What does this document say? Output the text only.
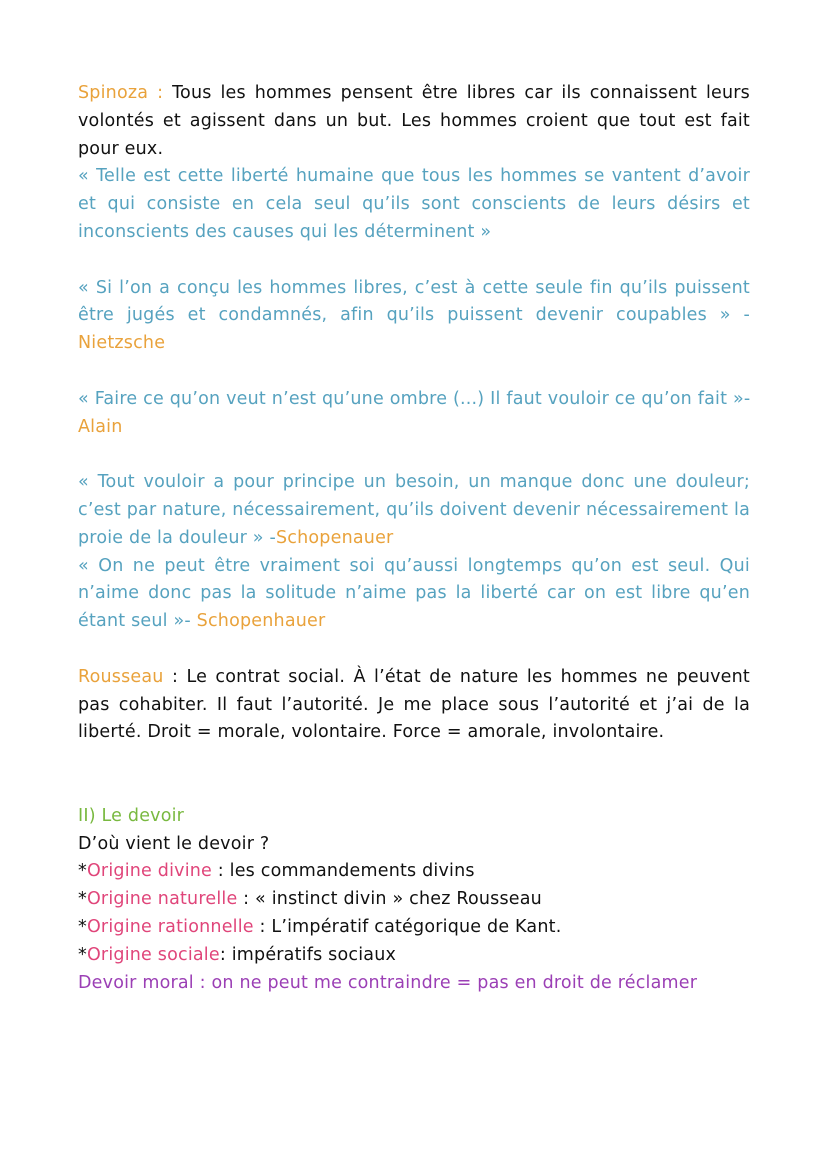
Spinoza : Tous les hommes pensent être libres car ils connaissent leurs volontés et agissent dans un but. Les hommes croient que tout est fait pour eux.

« Telle est cette liberté humaine que tous les hommes se vantent d’avoir et qui consiste en cela seul qu’ils sont conscients de leurs désirs et inconscients des causes qui les déterminent »

« Si l’on a conçu les hommes libres, c’est à cette seule fin qu’ils puissent être jugés et condamnés, afin qu’ils puissent devenir coupables » - Nietzsche

« Faire ce qu’on veut n’est qu’une ombre (...) Il faut vouloir ce qu’on fait »-Alain

« Tout vouloir a pour principe un besoin, un manque donc une douleur; c’est par nature, nécessairement, qu’ils doivent devenir nécessairement la proie de la douleur » -Schopenauer

« On ne peut être vraiment soi qu’aussi longtemps qu’on est seul. Qui n’aime donc pas la solitude n’aime pas la liberté car on est libre qu’en étant seul »- Schopenhauer

Rousseau : Le contrat social. À l’état de nature les hommes ne peuvent pas cohabiter. Il faut l’autorité. Je me place sous l’autorité et j’ai de la liberté. Droit = morale, volontaire. Force = amorale, involontaire.

II) Le devoir

D’où vient le devoir ?

*Origine divine : les commandements divins

*Origine naturelle : « instinct divin » chez Rousseau

*Origine rationnelle : L’impératif catégorique de Kant.

*Origine sociale: impératifs sociaux

Devoir moral : on ne peut me contraindre = pas en droit de réclamer
